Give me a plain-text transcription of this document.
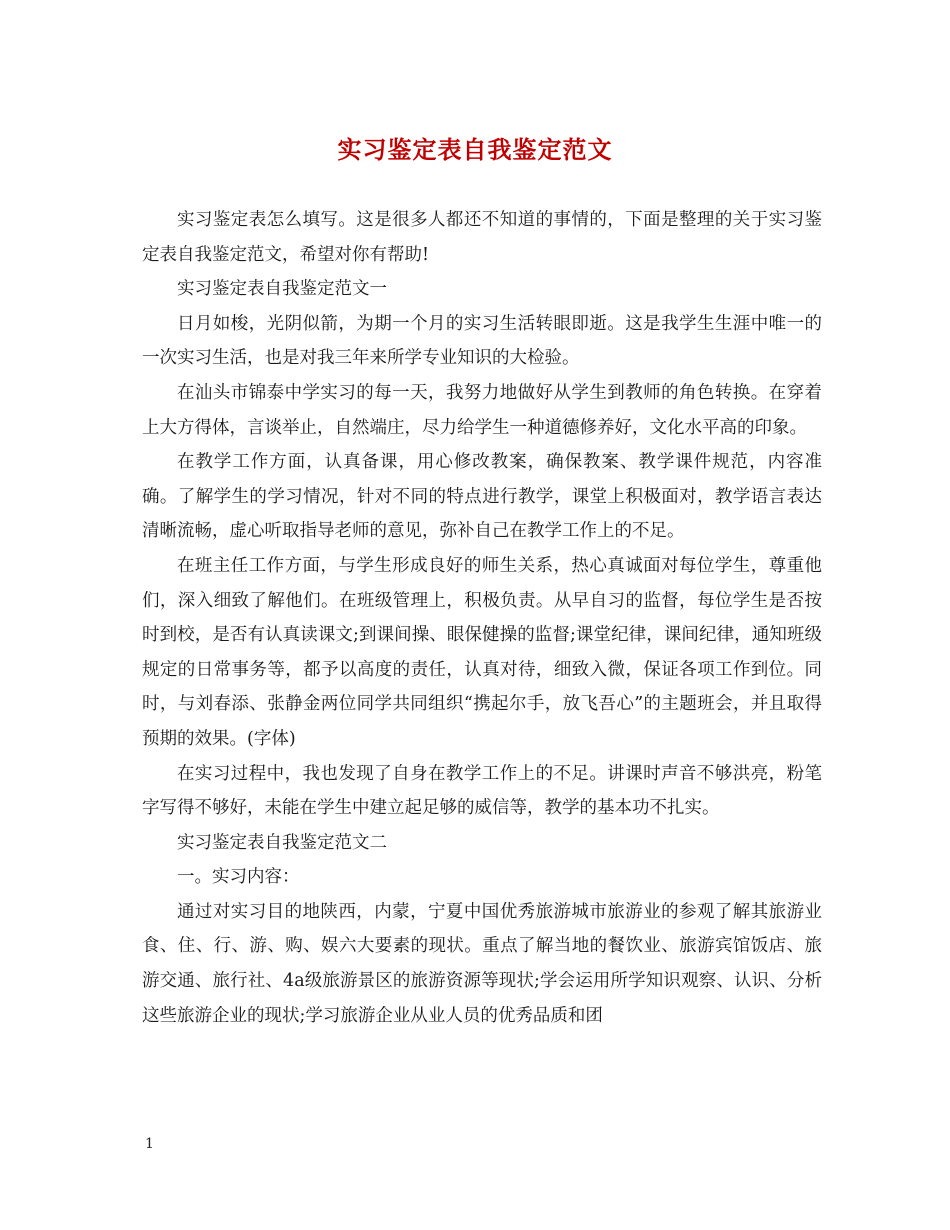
实习鉴定表自我鉴定范文

实习鉴定表怎么填写。这是很多人都还不知道的事情的，下面是整理的关于实习鉴定表自我鉴定范文，希望对你有帮助!

实习鉴定表自我鉴定范文一

日月如梭，光阴似箭，为期一个月的实习生活转眼即逝。这是我学生生涯中唯一的一次实习生活，也是对我三年来所学专业知识的大检验。

在汕头市锦泰中学实习的每一天，我努力地做好从学生到教师的角色转换。在穿着上大方得体，言谈举止，自然端庄，尽力给学生一种道德修养好，文化水平高的印象。

在教学工作方面，认真备课，用心修改教案，确保教案、教学课件规范，内容准确。了解学生的学习情况，针对不同的特点进行教学，课堂上积极面对，教学语言表达清晰流畅，虚心听取指导老师的意见，弥补自己在教学工作上的不足。

在班主任工作方面，与学生形成良好的师生关系，热心真诚面对每位学生，尊重他们，深入细致了解他们。在班级管理上，积极负责。从早自习的监督，每位学生是否按时到校，是否有认真读课文;到课间操、眼保健操的监督;课堂纪律，课间纪律，通知班级规定的日常事务等，都予以高度的责任，认真对待，细致入微，保证各项工作到位。同时，与刘春添、张静金两位同学共同组织“携起尔手，放飞吾心”的主题班会，并且取得预期的效果。(字体)

在实习过程中，我也发现了自身在教学工作上的不足。讲课时声音不够洪亮，粉笔字写得不够好，未能在学生中建立起足够的威信等，教学的基本功不扎实。

实习鉴定表自我鉴定范文二

一。实习内容：

通过对实习目的地陕西，内蒙，宁夏中国优秀旅游城市旅游业的参观了解其旅游业食、住、行、游、购、娱六大要素的现状。重点了解当地的餐饮业、旅游宾馆饭店、旅游交通、旅行社、4a级旅游景区的旅游资源等现状;学会运用所学知识观察、认识、分析这些旅游企业的现状;学习旅游企业从业人员的优秀品质和团

1
